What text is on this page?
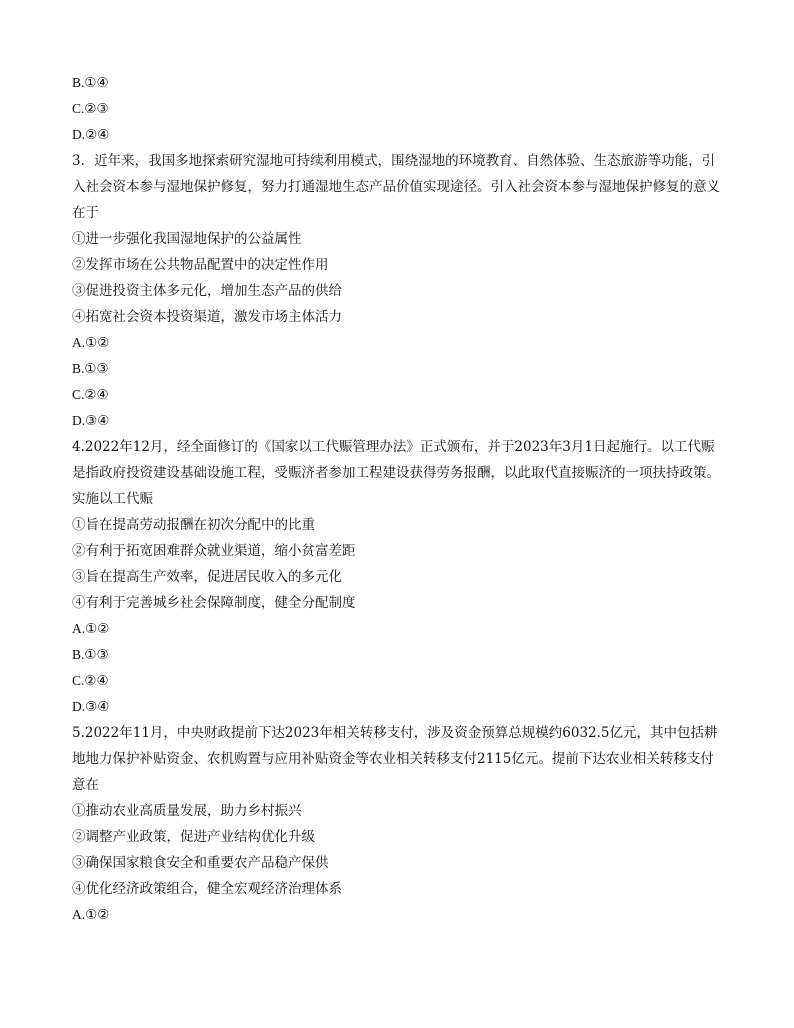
B.①④
C.②③
D.②④
3．近年来，我国多地探索研究湿地可持续利用模式，围绕湿地的环境教育、自然体验、生态旅游等功能，引入社会资本参与湿地保护修复，努力打通湿地生态产品价值实现途径。引入社会资本参与湿地保护修复的意义在于
①进一步强化我国湿地保护的公益属性
②发挥市场在公共物品配置中的决定性作用
③促进投资主体多元化，增加生态产品的供给
④拓宽社会资本投资渠道，激发市场主体活力
A.①②
B.①③
C.②④
D.③④
4.2022年12月，经全面修订的《国家以工代赈管理办法》正式颁布，并于2023年3月1日起施行。以工代赈是指政府投资建设基础设施工程，受赈济者参加工程建设获得劳务报酬，以此取代直接赈济的一项扶持政策。实施以工代赈
①旨在提高劳动报酬在初次分配中的比重
②有利于拓宽困难群众就业渠道，缩小贫富差距
③旨在提高生产效率，促进居民收入的多元化
④有利于完善城乡社会保障制度，健全分配制度
A.①②
B.①③
C.②④
D.③④
5.2022年11月，中央财政提前下达2023年相关转移支付，涉及资金预算总规模约6032.5亿元，其中包括耕地地力保护补贴资金、农机购置与应用补贴资金等农业相关转移支付2115亿元。提前下达农业相关转移支付意在
①推动农业高质量发展，助力乡村振兴
②调整产业政策，促进产业结构优化升级
③确保国家粮食安全和重要农产品稳产保供
④优化经济政策组合，健全宏观经济治理体系
A.①②
